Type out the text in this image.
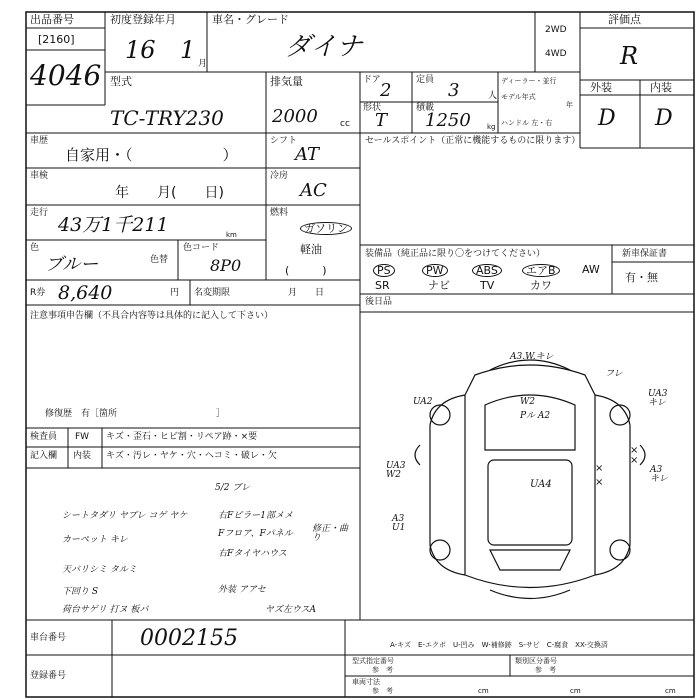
出品番号
[2160]
4046
初度登録年月
16 1 月
車名・グレード
ダイナ
2WD
4WD
評価点
R
型式
TC-TRY230
排気量
2000 cc
ドア 2	定員 3	人
形状
T
積載
1250 kg
ディーラー・並行
モデル年式
年
ハンドル 左・右
外装	内装
D D
車歴
自家用・（　　　　　　）
シフト
AT
車検
年　　月(　　日)
冷房
AC
走行
43万1千211	km
燃料
ガソリン
軽油
(　　　)
色
ブルー	色替
色コード
8P0
R券 8,640	円 名変期限	月　　日
注意事項申告欄（不具合内容等は具体的に記入して下さい）
修復歴　有［箇所　　　　　　　　　　　］
セールスポイント（正常に機能するものに限ります）
装備品（純正品に限り〇をつけてください）	新車保証書
有・無
PS	PW	ABS	エアB	AW
SR	ナビ	TV	カワ
後日品
検査員 FW キズ・歪石・ヒビ割・リペア跡・×要
記入欄 内装 キズ・汚レ・ヤケ・穴・ヘコミ・破レ・欠
5/2 ブレ
シートタダリ ヤブレ コゲ ヤケ
カーペット キレ
天バリシミ タルミ
下回り S
荷台サゲリ 打ヌ 板バ
右Fピラー1部メメ
Fフロア、Fパネル
右Fタイヤハウス
修正・曲り
外装 アアセ
ヤズ左ウスA
A3.W.キレ
フレ
W2
Pル A2
UA2
UA3 キレ
UA3 W2
UA4
A3 キレ
A3 U1
×
×
×
×
車台番号	0002155
登録番号
A-キズ　E-エクボ　U-凹み　W-補修跡　S-サビ　C-腐食　XX-交換済
型式指定番号	類別区分番号
参　考	参　考
車両寸法
参　考	cm	cm	cm
